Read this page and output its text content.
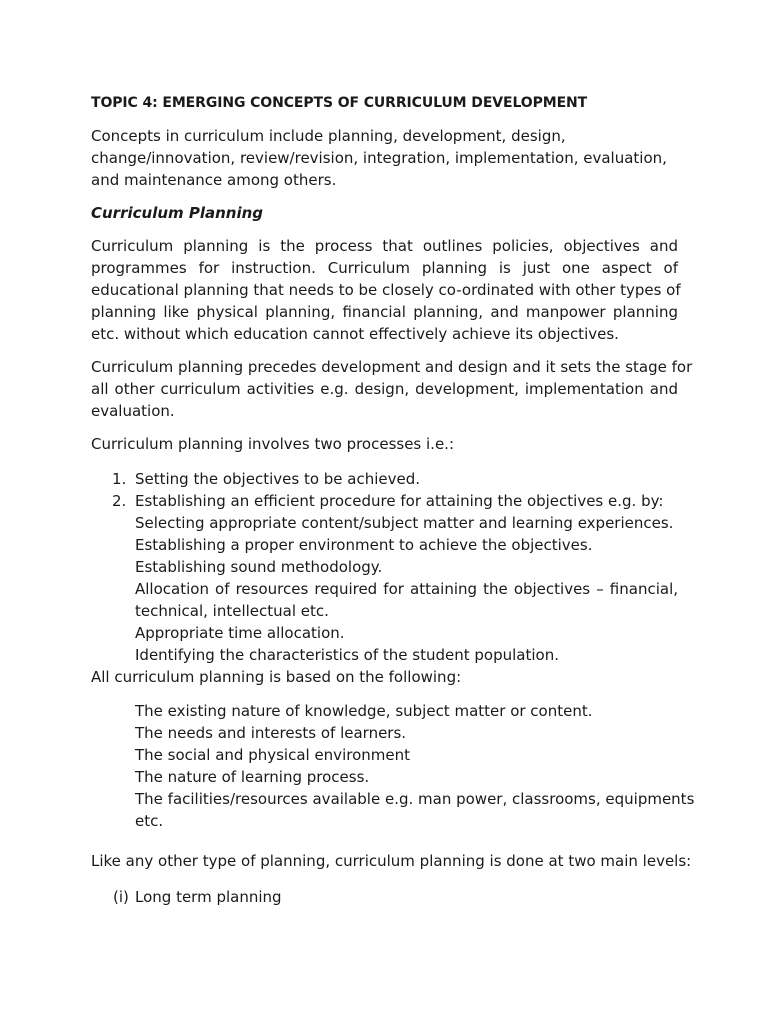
TOPIC 4: EMERGING CONCEPTS OF CURRICULUM DEVELOPMENT
Concepts in curriculum include planning, development, design,
change/innovation, review/revision, integration, implementation, evaluation,
and maintenance among others.
Curriculum Planning
Curriculum planning is the process that outlines policies, objectives and
programmes for instruction. Curriculum planning is just one aspect of
educational planning that needs to be closely co-ordinated with other types of
planning like physical planning, financial planning, and manpower planning
etc. without which education cannot effectively achieve its objectives.
Curriculum planning precedes development and design and it sets the stage for
all other curriculum activities e.g. design, development, implementation and
evaluation.
Curriculum planning involves two processes i.e.:
1. Setting the objectives to be achieved.
2. Establishing an efficient procedure for attaining the objectives e.g. by:
Selecting appropriate content/subject matter and learning experiences.
Establishing a proper environment to achieve the objectives.
Establishing sound methodology.
Allocation of resources required for attaining the objectives – financial,
technical, intellectual etc.
Appropriate time allocation.
Identifying the characteristics of the student population.
All curriculum planning is based on the following:
The existing nature of knowledge, subject matter or content.
The needs and interests of learners.
The social and physical environment
The nature of learning process.
The facilities/resources available e.g. man power, classrooms, equipments
etc.
Like any other type of planning, curriculum planning is done at two main levels:
(i) Long term planning
